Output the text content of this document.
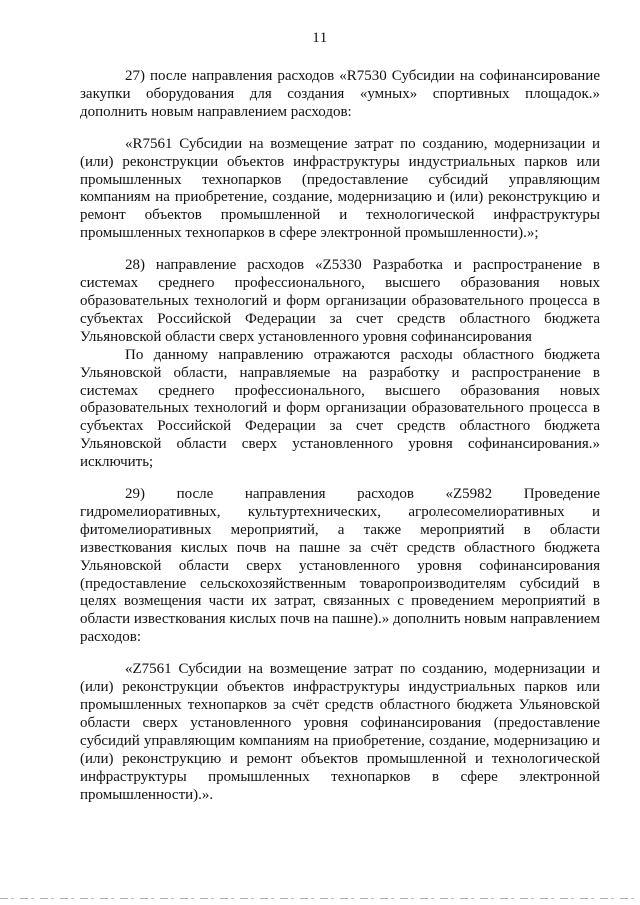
11

27) после направления расходов «R7530 Субсидии на софинансирование закупки оборудования для создания «умных» спортивных площадок.» дополнить новым направлением расходов:

«R7561 Субсидии на возмещение затрат по созданию, модернизации и (или) реконструкции объектов инфраструктуры индустриальных парков или промышленных технопарков (предоставление субсидий управляющим компаниям на приобретение, создание, модернизацию и (или) реконструкцию и ремонт объектов промышленной и технологической инфраструктуры промышленных технопарков в сфере электронной промышленности).»;

28) направление расходов «Z5330 Разработка и распространение в системах среднего профессионального, высшего образования новых образовательных технологий и форм организации образовательного процесса в субъектах Российской Федерации за счет средств областного бюджета Ульяновской области сверх установленного уровня софинансирования

По данному направлению отражаются расходы областного бюджета Ульяновской области, направляемые на разработку и распространение в системах среднего профессионального, высшего образования новых образовательных технологий и форм организации образовательного процесса в субъектах Российской Федерации за счет средств областного бюджета Ульяновской области сверх установленного уровня софинансирования.» исключить;

29) после направления расходов «Z5982 Проведение гидромелиоративных, культуртехнических, агролесомелиоративных и фитомелиоративных мероприятий, а также мероприятий в области известкования кислых почв на пашне за счёт средств областного бюджета Ульяновской области сверх установленного уровня софинансирования (предоставление сельскохозяйственным товаропроизводителям субсидий в целях возмещения части их затрат, связанных с проведением мероприятий в области известкования кислых почв на пашне).» дополнить новым направлением расходов:

«Z7561 Субсидии на возмещение затрат по созданию, модернизации и (или) реконструкции объектов инфраструктуры индустриальных парков или промышленных технопарков за счёт средств областного бюджета Ульяновской области сверх установленного уровня софинансирования (предоставление субсидий управляющим компаниям на приобретение, создание, модернизацию и (или) реконструкцию и ремонт объектов промышленной и технологической инфраструктуры промышленных технопарков в сфере электронной промышленности).».
